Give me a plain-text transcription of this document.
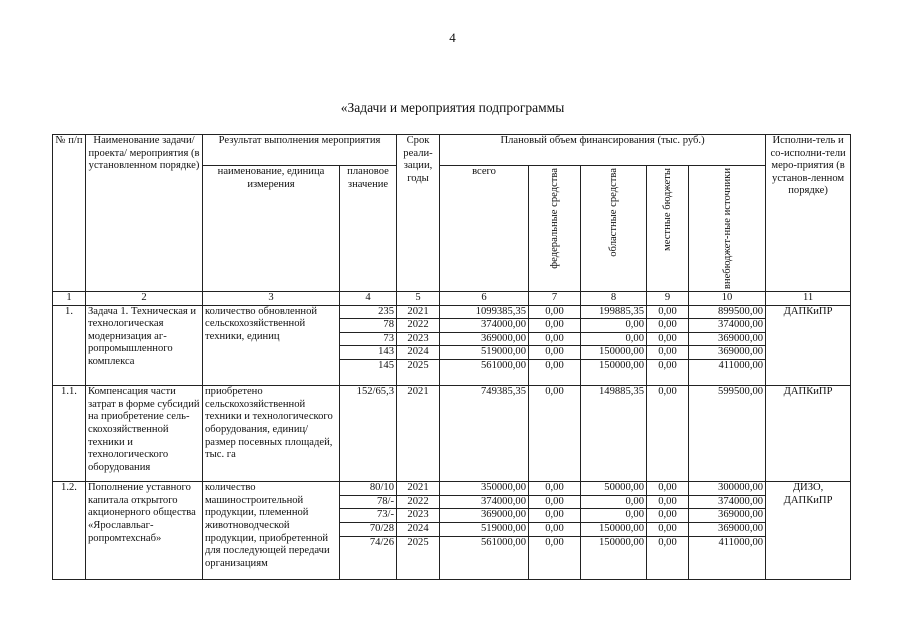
4
«Задачи и мероприятия подпрограммы
№ п/п	Наименование задачи/проекта/ мероприятия (в установленном порядке)	Результат выполнения мероприятия		Срок реали-зации, годы	Плановый объем финансирования (тыс. руб.)					Исполни-тель и со-исполни-тели меро-приятия (в установ-ленном порядке)
		наименование, единица измерения	плановое значение		всего	федеральные средства	областные средства	местные бюджеты	внебюджет-ные источники	

1	2	3	4	5	6	7	8	9	10	11
1.	Задача 1. Техническая и технологическая модернизация аг-ропромышленного комплекса	количество обновленной сельскохозяйственной техники, единиц	235	2021	1099385,35	0,00	199885,35	0,00	899500,00	ДАПКиПР
			78	2022	374000,00	0,00	0,00	0,00	374000,00	
			73	2023	369000,00	0,00	0,00	0,00	369000,00	
			143	2024	519000,00	0,00	150000,00	0,00	369000,00	
			145	2025	561000,00	0,00	150000,00	0,00	411000,00	

1.1.	Компенсация части затрат в форме субсидий на приобретение сель-скохозяйственной техники и технологического оборудования	приобретено сельскохозяйственной техники и технологического оборудования, единиц/ размер посевных площадей, тыс. га	152/65,3	2021	749385,35	0,00	149885,35	0,00	599500,00	ДАПКиПР

1.2.	Пополнение уставного капитала открытого акционерного общества «Ярославльаг-ропромтехснаб»	количество машиностроительной продукции, племенной животноводческой продукции, приобретенной для последующей передачи организациям	80/10	2021	350000,00	0,00	50000,00	0,00	300000,00	ДИЗО, ДАПКиПР
			78/-	2022	374000,00	0,00	0,00	0,00	374000,00	
			73/-	2023	369000,00	0,00	0,00	0,00	369000,00	
			70/28	2024	519000,00	0,00	150000,00	0,00	369000,00	
			74/26	2025	561000,00	0,00	150000,00	0,00	411000,00	
